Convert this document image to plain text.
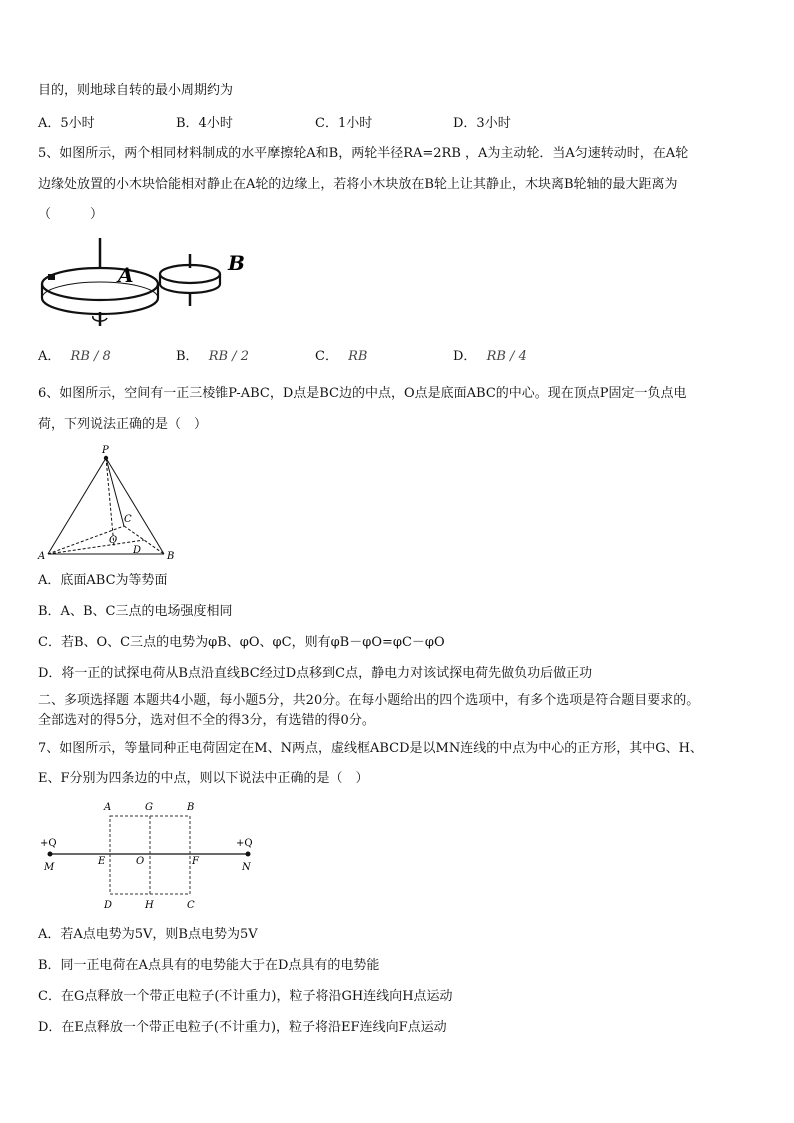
目的，则地球自转的最小周期约为
A．5小时	B．4小时	C．1小时	D．3小时
5、如图所示，两个相同材料制成的水平摩擦轮A和B，两轮半径RA=2RB ，A为主动轮．当A匀速转动时，在A轮
边缘处放置的小木块恰能相对静止在A轮的边缘上，若将小木块放在B轮上让其静止，木块离B轮轴的最大距离为
（　　　）
A	B
A． RB / 8	B． RB / 2	C． RB	D． RB / 4
6、如图所示，空间有一正三棱锥P-ABC，D点是BC边的中点，O点是底面ABC的中心。现在顶点P固定一负点电
荷，下列说法正确的是（　）
P
A	B
C
O
D
A．底面ABC为等势面
B．A、B、C三点的电场强度相同
C．若B、O、C三点的电势为φB、φO、φC，则有φB－φO=φC－φO
D．将一正的试探电荷从B点沿直线BC经过D点移到C点，静电力对该试探电荷先做负功后做正功
二、多项选择题 本题共4小题，每小题5分，共20分。在每小题给出的四个选项中，有多个选项是符合题目要求的。
全部选对的得5分，选对但不全的得3分，有选错的得0分。
7、如图所示，等量同种正电荷固定在M、N两点，虚线框ABCD是以MN连线的中点为中心的正方形，其中G、H、
E、F分别为四条边的中点，则以下说法中正确的是（　）
+Q	+Q
M	N
E	O	F
A	G	B
D	H	C
A．若A点电势为5V，则B点电势为5V
B．同一正电荷在A点具有的电势能大于在D点具有的电势能
C．在G点释放一个带正电粒子(不计重力)，粒子将沿GH连线向H点运动
D．在E点释放一个带正电粒子(不计重力)，粒子将沿EF连线向F点运动
